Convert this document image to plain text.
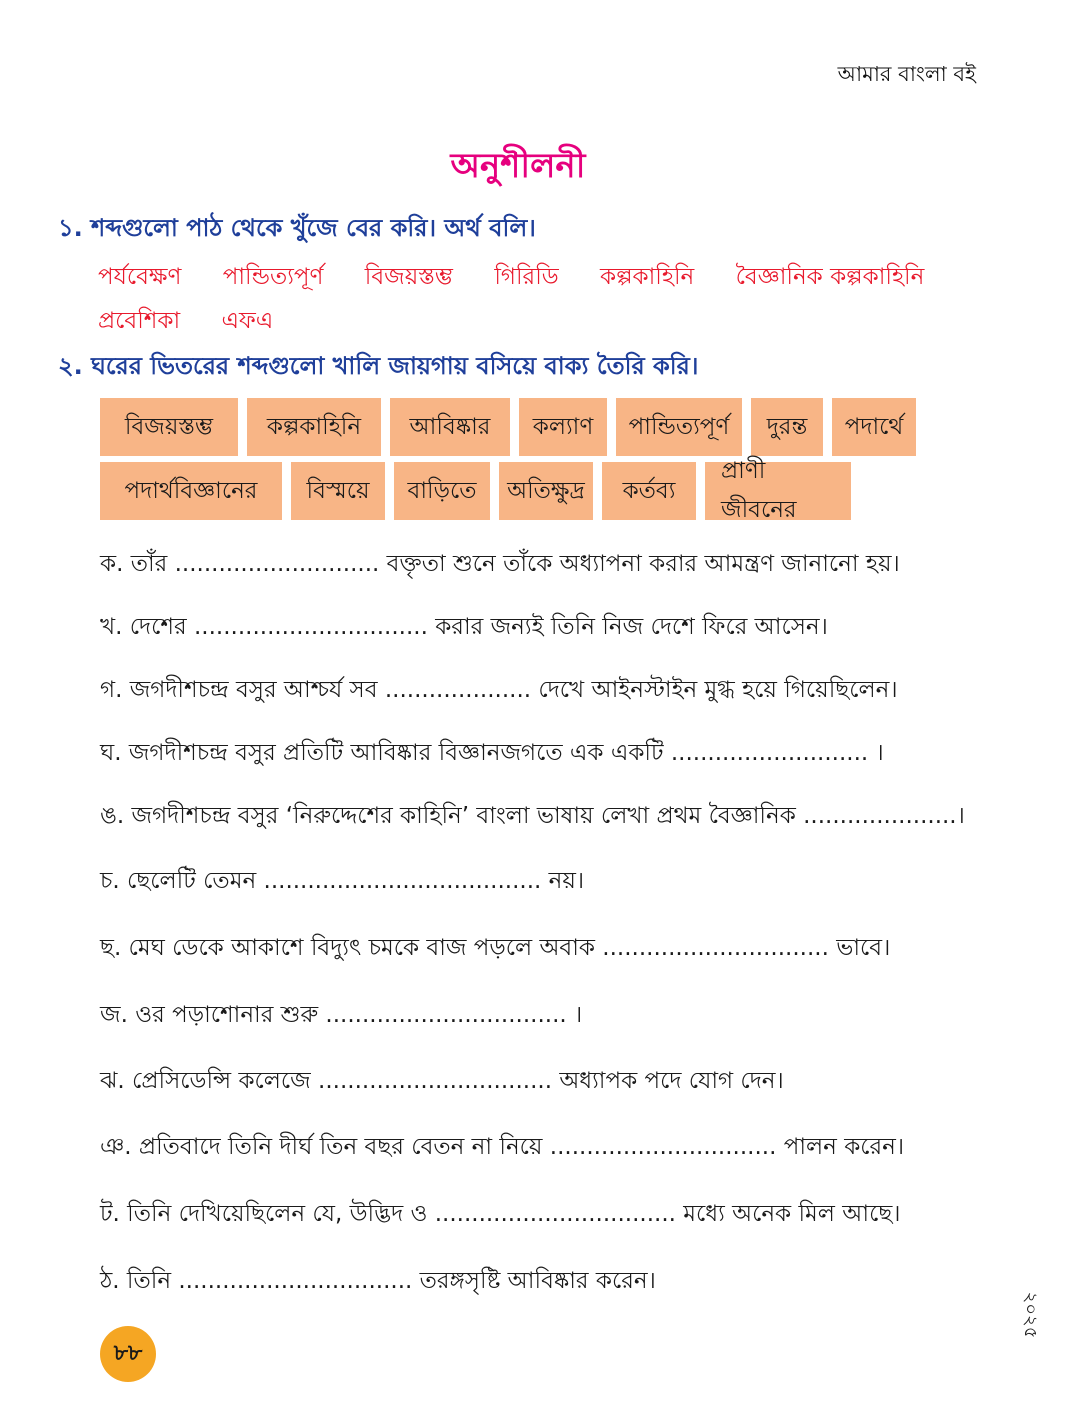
আমার বাংলা বই
অনুশীলনী
১. শব্দগুলো পাঠ থেকে খুঁজে বের করি। অর্থ বলি।
পর্যবেক্ষণ পান্ডিত্যপূর্ণ বিজয়স্তম্ভ গিরিডি কল্পকাহিনি বৈজ্ঞানিক কল্পকাহিনি
প্রবেশিকা এফএ
২. ঘরের ভিতরের শব্দগুলো খালি জায়গায় বসিয়ে বাক্য তৈরি করি।
বিজয়স্তম্ভ	কল্পকাহিনি	আবিষ্কার	কল্যাণ	পান্ডিত্যপূর্ণ	দুরন্ত	পদার্থে
পদার্থবিজ্ঞানের	বিস্ময়ে	বাড়িতে	অতিক্ষুদ্র	কর্তব্য
প্রাণী জীবনের
ক. তাঁর ............................ বক্তৃতা শুনে তাঁকে অধ্যাপনা করার আমন্ত্রণ জানানো হয়।
খ. দেশের ................................ করার জন্যই তিনি নিজ দেশে ফিরে আসেন।
গ. জগদীশচন্দ্র বসুর আশ্চর্য সব .................... দেখে আইনস্টাইন মুগ্ধ হয়ে গিয়েছিলেন।
ঘ. জগদীশচন্দ্র বসুর প্রতিটি আবিষ্কার বিজ্ঞানজগতে এক একটি ........................... ।
ঙ. জগদীশচন্দ্র বসুর ‘নিরুদ্দেশের কাহিনি’ বাংলা ভাষায় লেখা প্রথম বৈজ্ঞানিক .....................।
চ. ছেলেটি তেমন ...................................... নয়।
ছ. মেঘ ডেকে আকাশে বিদ্যুৎ চমকে বাজ পড়লে অবাক ............................... ভাবে।
জ. ওর পড়াশোনার শুরু ................................. ।
ঝ. প্রেসিডেন্সি কলেজে ................................ অধ্যাপক পদে যোগ দেন।
ঞ. প্রতিবাদে তিনি দীর্ঘ তিন বছর বেতন না নিয়ে ............................... পালন করেন।
ট. তিনি দেখিয়েছিলেন যে, উদ্ভিদ ও ................................. মধ্যে অনেক মিল আছে।
ঠ. তিনি ................................ তরঙ্গসৃষ্টি আবিষ্কার করেন।
৮৮
২০২৫
